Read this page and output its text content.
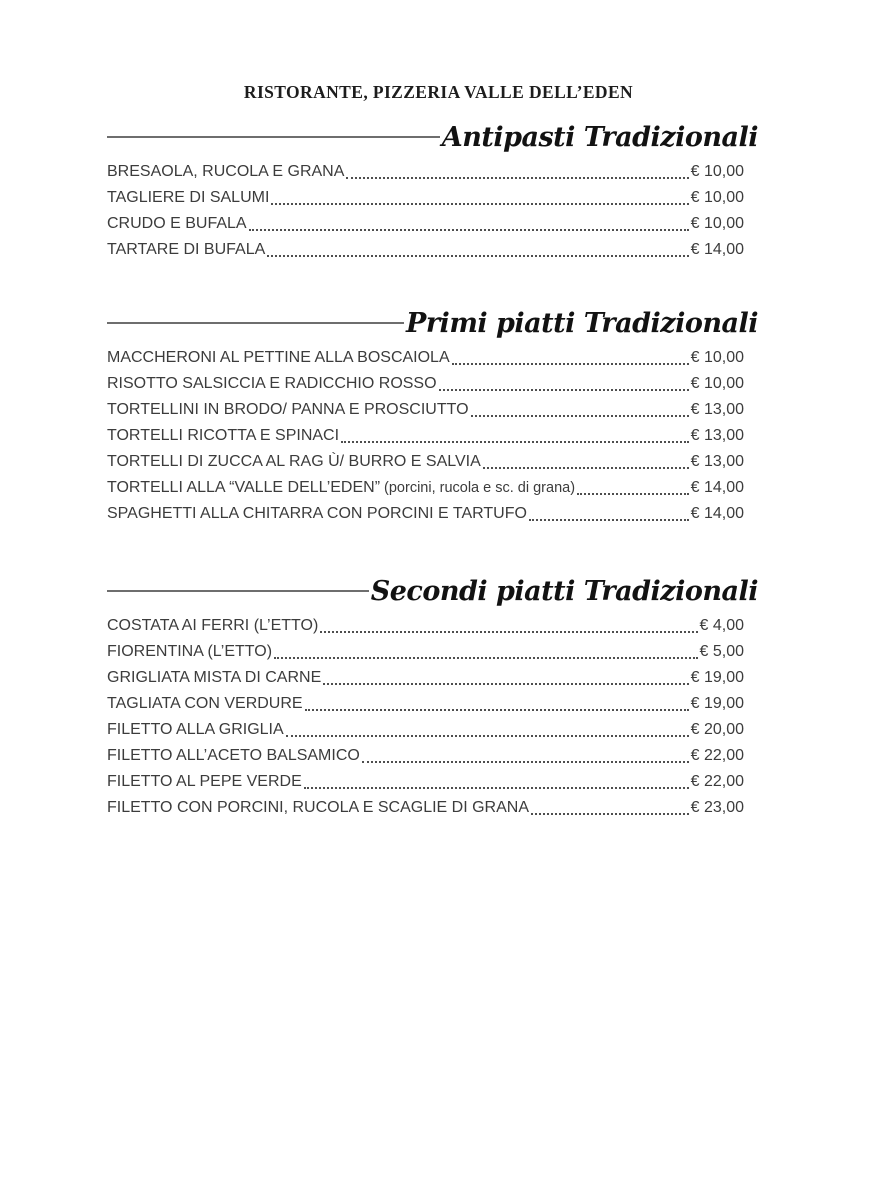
RISTORANTE, PIZZERIA VALLE DELL’EDEN
Antipasti Tradizionali
BRESAOLA, RUCOLA E GRANA	€ 10,00
TAGLIERE DI SALUMI	€ 10,00
CRUDO E BUFALA	€ 10,00
TARTARE DI BUFALA	€ 14,00
Primi piatti Tradizionali
MACCHERONI AL PETTINE ALLA BOSCAIOLA	€ 10,00
RISOTTO SALSICCIA E RADICCHIO ROSSO	€ 10,00
TORTELLINI IN BRODO/ PANNA E PROSCIUTTO	€ 13,00
TORTELLI RICOTTA E SPINACI	€ 13,00
TORTELLI DI ZUCCA AL RAG Ù/ BURRO E SALVIA	€ 13,00
TORTELLI ALLA “VALLE DELL’EDEN” (porcini, rucola e sc. di grana)	€ 14,00
SPAGHETTI ALLA CHITARRA CON PORCINI E TARTUFO	€ 14,00
Secondi piatti Tradizionali
COSTATA AI FERRI (L’ETTO)	€ 4,00
FIORENTINA (L’ETTO)	€ 5,00
GRIGLIATA MISTA DI CARNE	€ 19,00
TAGLIATA CON VERDURE	€ 19,00
FILETTO ALLA GRIGLIA	€ 20,00
FILETTO ALL’ACETO BALSAMICO	€ 22,00
FILETTO AL PEPE VERDE	€ 22,00
FILETTO CON PORCINI, RUCOLA E SCAGLIE DI GRANA	€ 23,00
